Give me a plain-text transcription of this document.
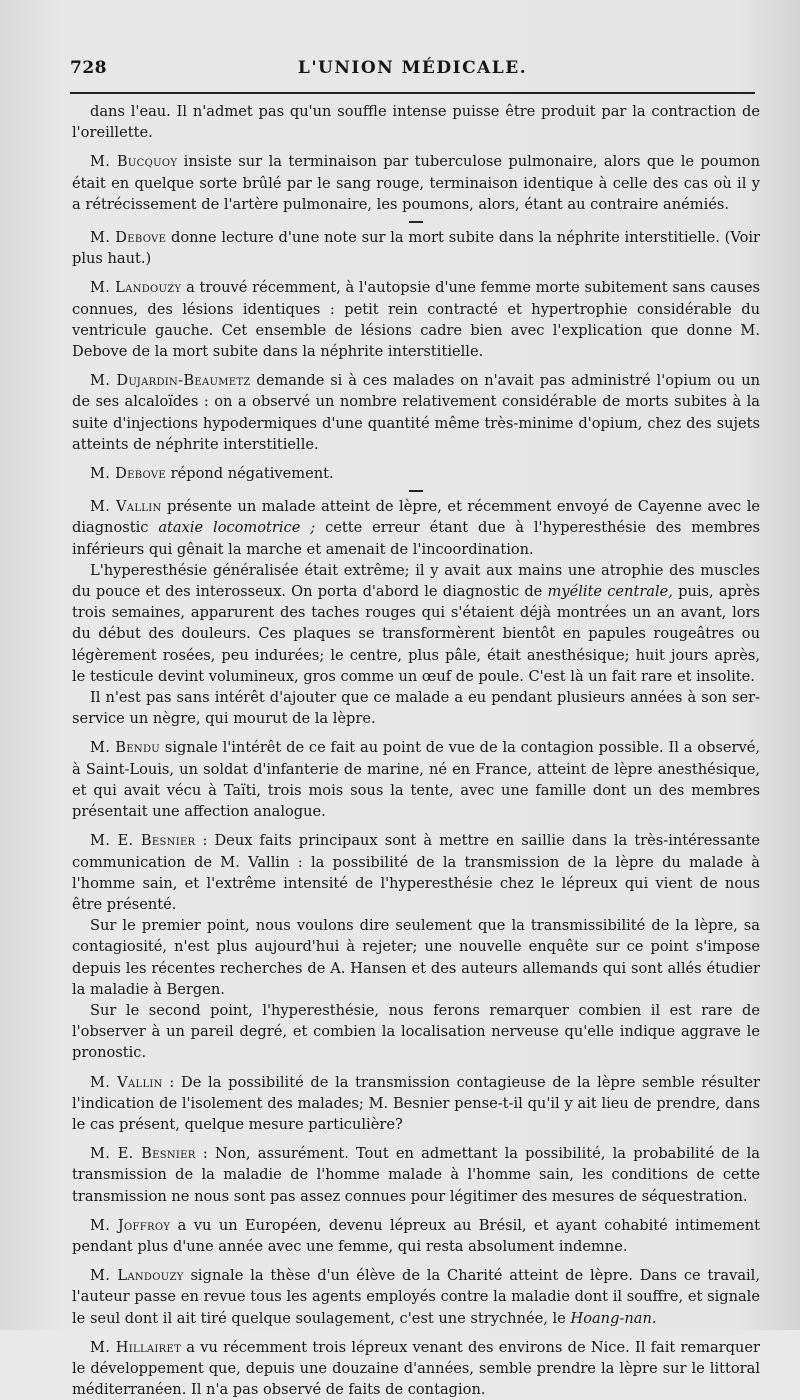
728	L'UNION MÉDICALE.

dans l'eau. Il n'admet pas qu'un souffle intense puisse être produit par la contraction de l'oreillette.

M. Bucquoy insiste sur la terminaison par tuberculose pulmonaire, alors que le poumon était en quelque sorte brûlé par le sang rouge, terminaison identique à celle des cas où il y a rétrécissement de l'artère pulmonaire, les poumons, alors, étant au contraire anémiés.

M. Debove donne lecture d'une note sur la mort subite dans la néphrite interstitielle. (Voir plus haut.)

M. Landouzy a trouvé récemment, à l'autopsie d'une femme morte subitement sans causes connues, des lésions identiques : petit rein contracté et hypertrophie considérable du ventricule gauche. Cet ensemble de lésions cadre bien avec l'explication que donne M. Debove de la mort subite dans la néphrite interstitielle.

M. Dujardin-Beaumetz demande si à ces malades on n'avait pas administré l'opium ou un de ses alcaloïdes : on a observé un nombre relativement considérable de morts subites à la suite d'injections hypodermiques d'une quantité même très-minime d'opium, chez des sujets atteints de néphrite interstitielle.

M. Debove répond négativement.

M. Vallin présente un malade atteint de lèpre, et récemment envoyé de Cayenne avec le diagnostic ataxie locomotrice ; cette erreur étant due à l'hyperesthésie des membres inférieurs qui gênait la marche et amenait de l'incoordination.

L'hyperesthésie généralisée était extrême; il y avait aux mains une atrophie des muscles du pouce et des interosseux. On porta d'abord le diagnostic de myélite centrale, puis, après trois semaines, apparurent des taches rouges qui s'étaient déjà montrées un an avant, lors du début des douleurs. Ces plaques se transformèrent bientôt en papules rougeâtres ou légèrement rosées, peu indurées; le centre, plus pâle, était anesthésique; huit jours après, le testicule devint volumineux, gros comme un œuf de poule. C'est là un fait rare et insolite.

Il n'est pas sans intérêt d'ajouter que ce malade a eu pendant plusieurs années à son ser-service un nègre, qui mourut de la lèpre.

M. Bendu signale l'intérêt de ce fait au point de vue de la contagion possible. Il a observé, à Saint-Louis, un soldat d'infanterie de marine, né en France, atteint de lèpre anesthésique, et qui avait vécu à Taïti, trois mois sous la tente, avec une famille dont un des membres présentait une affection analogue.

M. E. Besnier : Deux faits principaux sont à mettre en saillie dans la très-intéressante communication de M. Vallin : la possibilité de la transmission de la lèpre du malade à l'homme sain, et l'extrême intensité de l'hyperesthésie chez le lépreux qui vient de nous être présenté.

Sur le premier point, nous voulons dire seulement que la transmissibilité de la lèpre, sa contagiosité, n'est plus aujourd'hui à rejeter; une nouvelle enquête sur ce point s'impose depuis les récentes recherches de A. Hansen et des auteurs allemands qui sont allés étudier la maladie à Bergen.

Sur le second point, l'hyperesthésie, nous ferons remarquer combien il est rare de l'observer à un pareil degré, et combien la localisation nerveuse qu'elle indique aggrave le pronostic.

M. Vallin : De la possibilité de la transmission contagieuse de la lèpre semble résulter l'indication de l'isolement des malades; M. Besnier pense-t-il qu'il y ait lieu de prendre, dans le cas présent, quelque mesure particulière?

M. E. Besnier : Non, assurément. Tout en admettant la possibilité, la probabilité de la transmission de la maladie de l'homme malade à l'homme sain, les conditions de cette transmission ne nous sont pas assez connues pour légitimer des mesures de séquestration.

M. Joffroy a vu un Européen, devenu lépreux au Brésil, et ayant cohabité intimement pendant plus d'une année avec une femme, qui resta absolument indemne.

M. Landouzy signale la thèse d'un élève de la Charité atteint de lèpre. Dans ce travail, l'auteur passe en revue tous les agents employés contre la maladie dont il souffre, et signale le seul dont il ait tiré quelque soulagement, c'est une strychnée, le Hoang-nan.

M. Hillairet a vu récemment trois lépreux venant des environs de Nice. Il fait remarquer le développement que, depuis une douzaine d'années, semble prendre la lèpre sur le littoral méditerranéen. Il n'a pas observé de faits de contagion.
